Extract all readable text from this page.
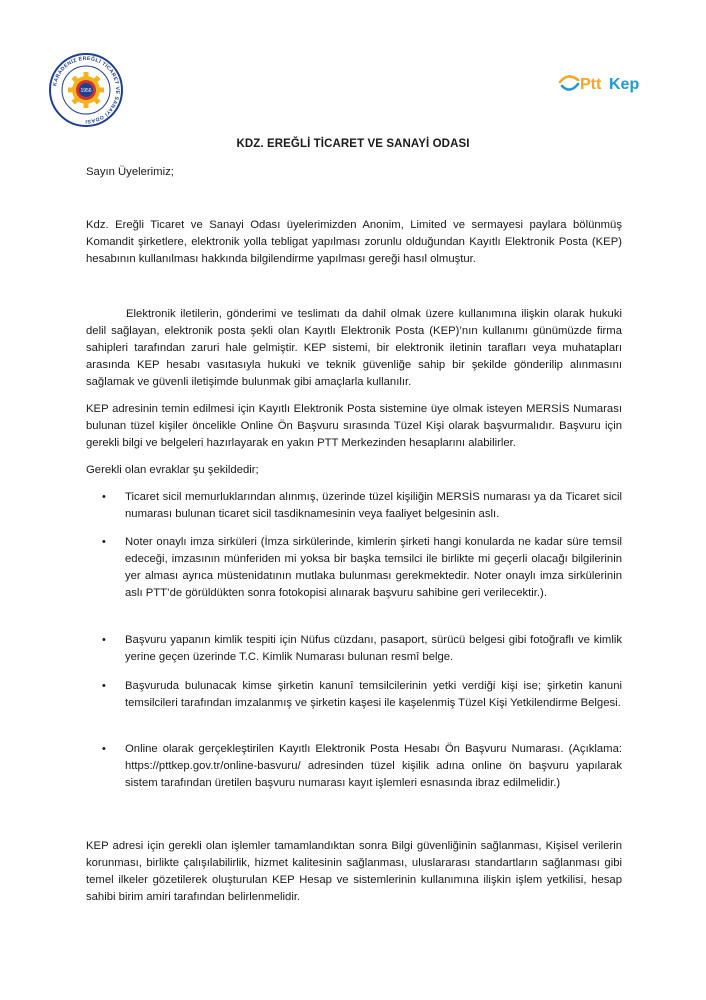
KARADENİZ EREĞLİ TİCARET VE SANAYİ ODASI
1956	Ptt Kep
KDZ. EREĞLİ TİCARET VE SANAYİ ODASI

Sayın Üyelerimiz;

Kdz. Ereğli Ticaret ve Sanayi Odası üyelerimizden Anonim, Limited ve sermayesi paylara bölünmüş Komandit şirketlere, elektronik yolla tebligat yapılması zorunlu olduğundan Kayıtlı Elektronik Posta (KEP) hesabının kullanılması hakkında bilgilendirme yapılması gereği hasıl olmuştur.

Elektronik iletilerin, gönderimi ve teslimatı da dahil olmak üzere kullanımına ilişkin olarak hukuki delil sağlayan, elektronik posta şekli olan Kayıtlı Elektronik Posta (KEP)’nın kullanımı günümüzde firma sahipleri tarafından zaruri hale gelmiştir. KEP sistemi, bir elektronik iletinin tarafları veya muhatapları arasında KEP hesabı vasıtasıyla hukuki ve teknik güvenliğe sahip bir şekilde gönderilip alınmasını sağlamak ve güvenli iletişimde bulunmak gibi amaçlarla kullanılır.

KEP adresinin temin edilmesi için Kayıtlı Elektronik Posta sistemine üye olmak isteyen MERSİS Numarası bulunan tüzel kişiler öncelikle Online Ön Başvuru sırasında Tüzel Kişi olarak başvurmalıdır. Başvuru için gerekli bilgi ve belgeleri hazırlayarak en yakın PTT Merkezinden hesaplarını alabilirler.

Gerekli olan evraklar şu şekildedir;

• Ticaret sicil memurluklarından alınmış, üzerinde tüzel kişiliğin MERSİS numarası ya da Ticaret sicil numarası bulunan ticaret sicil tasdiknamesinin veya faaliyet belgesinin aslı.
• Noter onaylı imza sirküleri (İmza sirkülerinde, kimlerin şirketi hangi konularda ne kadar süre temsil edeceği, imzasının münferiden mi yoksa bir başka temsilci ile birlikte mi geçerli olacağı bilgilerinin yer alması ayrıca müstenidatının mutlaka bulunması gerekmektedir. Noter onaylı imza sirkülerinin aslı PTT’de görüldükten sonra fotokopisi alınarak başvuru sahibine geri verilecektir.).
• Başvuru yapanın kimlik tespiti için Nüfus cüzdanı, pasaport, sürücü belgesi gibi fotoğraflı ve kimlik yerine geçen üzerinde T.C. Kimlik Numarası bulunan resmî belge.
• Başvuruda bulunacak kimse şirketin kanunî temsilcilerinin yetki verdiği kişi ise; şirketin kanuni temsilcileri tarafından imzalanmış ve şirketin kaşesi ile kaşelenmiş Tüzel Kişi Yetkilendirme Belgesi.
• Online olarak gerçekleştirilen Kayıtlı Elektronik Posta Hesabı Ön Başvuru Numarası. (Açıklama: https://pttkep.gov.tr/online-basvuru/ adresinden tüzel kişilik adına online ön başvuru yapılarak sistem tarafından üretilen başvuru numarası kayıt işlemleri esnasında ibraz edilmelidir.)

KEP adresi için gerekli olan işlemler tamamlandıktan sonra Bilgi güvenliğinin sağlanması, Kişisel verilerin korunması, birlikte çalışılabilirlik, hizmet kalitesinin sağlanması, uluslararası standartların sağlanması gibi temel ilkeler gözetilerek oluşturulan KEP Hesap ve sistemlerinin kullanımına ilişkin işlem yetkilisi, hesap sahibi birim amiri tarafından belirlenmelidir.
